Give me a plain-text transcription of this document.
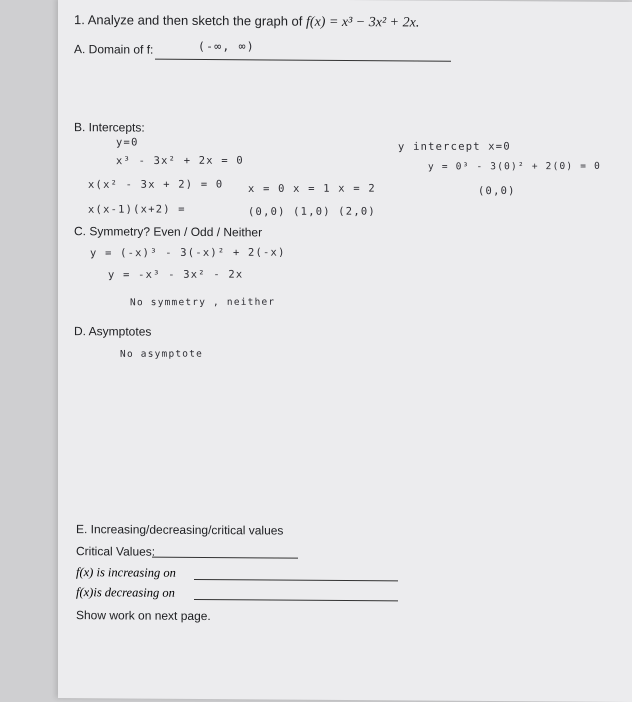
1. Analyze and then sketch the graph of f(x) = x³ − 3x² + 2x.
A. Domain of f:	(-∞, ∞)
B. Intercepts:
y=0
x³ - 3x² + 2x = 0
x(x² - 3x + 2) = 0
x(x-1)(x+2) =
x = 0 x = 1 x = 2
(0,0) (1,0) (2,0)
y intercept x=0
y = 0³ - 3(0)² + 2(0) = 0
(0,0)
C. Symmetry? Even / Odd / Neither
y = (-x)³ - 3(-x)² + 2(-x)
y = -x³ - 3x² - 2x
No symmetry , neither
D. Asymptotes
No asymptote
E. Increasing/decreasing/critical values
Critical Values:
f(x) is increasing on
f(x)is decreasing on
Show work on next page.
